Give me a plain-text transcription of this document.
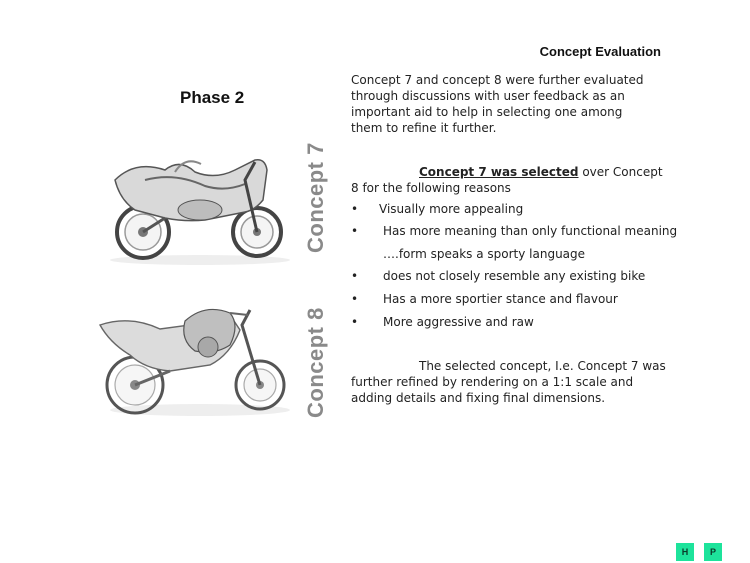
Concept Evaluation
Phase 2
Concept 7 and concept 8 were further evaluated through discussions with user feedback as an important aid to help in selecting one among them to refine it further.
Concept 7 was selected over Concept 8 for the following reasons
• Visually more appealing
• Has more meaning than only functional meaning
….form speaks a sporty language
• does not closely resemble any existing bike
• Has a more sportier stance and flavour
• More aggressive and raw
The selected concept, I.e. Concept 7 was further refined by rendering on a 1:1 scale and adding details and fixing final dimensions.
Concept 7
Concept 8
H	P
